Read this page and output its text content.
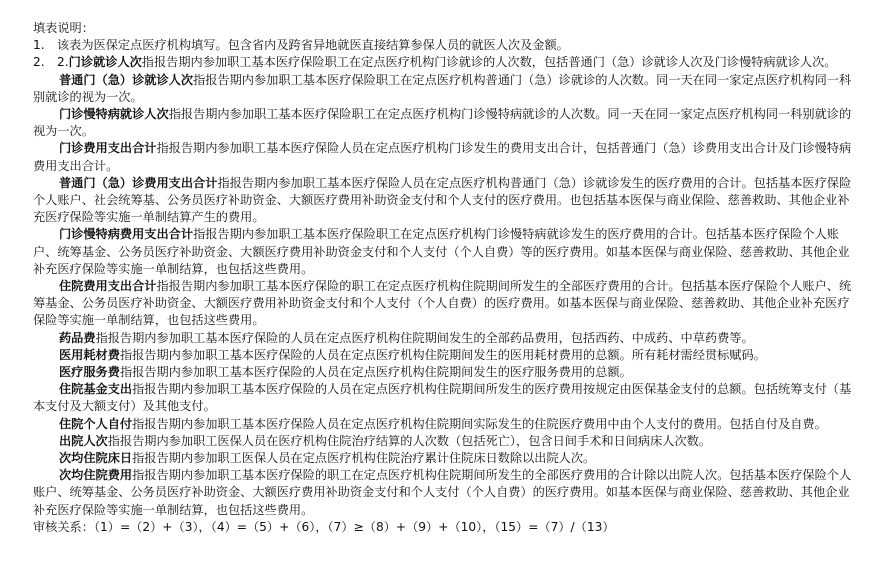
填表说明：

1. 该表为医保定点医疗机构填写。包含省内及跨省异地就医直接结算参保人员的就医人次及金额。

2. 2.门诊就诊人次指报告期内参加职工基本医疗保险职工在定点医疗机构门诊就诊的人次数，包括普通门（急）诊就诊人次及门诊慢特病就诊人次。

普通门（急）诊就诊人次指报告期内参加职工基本医疗保险职工在定点医疗机构普通门（急）诊就诊的人次数。同一天在同一家定点医疗机构同一科别就诊的视为一次。

门诊慢特病就诊人次指报告期内参加职工基本医疗保险职工在定点医疗机构门诊慢特病就诊的人次数。同一天在同一家定点医疗机构同一科别就诊的视为一次。

门诊费用支出合计指报告期内参加职工基本医疗保险人员在定点医疗机构门诊发生的费用支出合计，包括普通门（急）诊费用支出合计及门诊慢特病费用支出合计。

普通门（急）诊费用支出合计指报告期内参加职工基本医疗保险人员在定点医疗机构普通门（急）诊就诊发生的医疗费用的合计。包括基本医疗保险个人账户、社会统筹基、公务员医疗补助资金、大额医疗费用补助资金支付和个人支付的医疗费用。也包括基本医保与商业保险、慈善救助、其他企业补充医疗保险等实施一单制结算产生的费用。

门诊慢特病费用支出合计指报告期内参加职工基本医疗保险职工在定点医疗机构门诊慢特病就诊发生的医疗费用的合计。包括基本医疗保险个人账户、统筹基金、公务员医疗补助资金、大额医疗费用补助资金支付和个人支付（个人自费）等的医疗费用。如基本医保与商业保险、慈善救助、其他企业补充医疗保险等实施一单制结算，也包括这些费用。

住院费用支出合计指报告期内参加职工基本医疗保险的职工在定点医疗机构住院期间所发生的全部医疗费用的合计。包括基本医疗保险个人账户、统筹基金、公务员医疗补助资金、大额医疗费用补助资金支付和个人支付（个人自费）的医疗费用。如基本医保与商业保险、慈善救助、其他企业补充医疗保险等实施一单制结算，也包括这些费用。

药品费指报告期内参加职工基本医疗保险的人员在定点医疗机构住院期间发生的全部药品费用，包括西药、中成药、中草药费等。

医用耗材费指报告期内参加职工基本医疗保险的人员在定点医疗机构住院期间发生的医用耗材费用的总额。所有耗材需经贯标赋码。

医疗服务费指报告期内参加职工基本医疗保险的人员在定点医疗机构住院期间发生的医疗服务费用的总额。

住院基金支出指报告期内参加职工基本医疗保险的人员在定点医疗机构住院期间所发生的医疗费用按规定由医保基金支付的总额。包括统筹支付（基本支付及大额支付）及其他支付。

住院个人自付指报告期内参加职工基本医疗保险人员在定点医疗机构住院期间实际发生的住院医疗费用中由个人支付的费用。包括自付及自费。

出院人次指报告期内参加职工医保人员在医疗机构住院治疗结算的人次数（包括死亡），包含日间手术和日间病床人次数。

次均住院床日指报告期内参加职工医保人员在定点医疗机构住院治疗累计住院床日数除以出院人次。

次均住院费用指报告期内参加职工基本医疗保险的职工在定点医疗机构住院期间所发生的全部医疗费用的合计除以出院人次。包括基本医疗保险个人账户、统筹基金、公务员医疗补助资金、大额医疗费用补助资金支付和个人支付（个人自费）的医疗费用。如基本医保与商业保险、慈善救助、其他企业补充医疗保险等实施一单制结算，也包括这些费用。

审核关系：（1）=（2）+（3），（4）=（5）+（6），（7）≥（8）+（9）+（10），（15）=（7）/（13）
